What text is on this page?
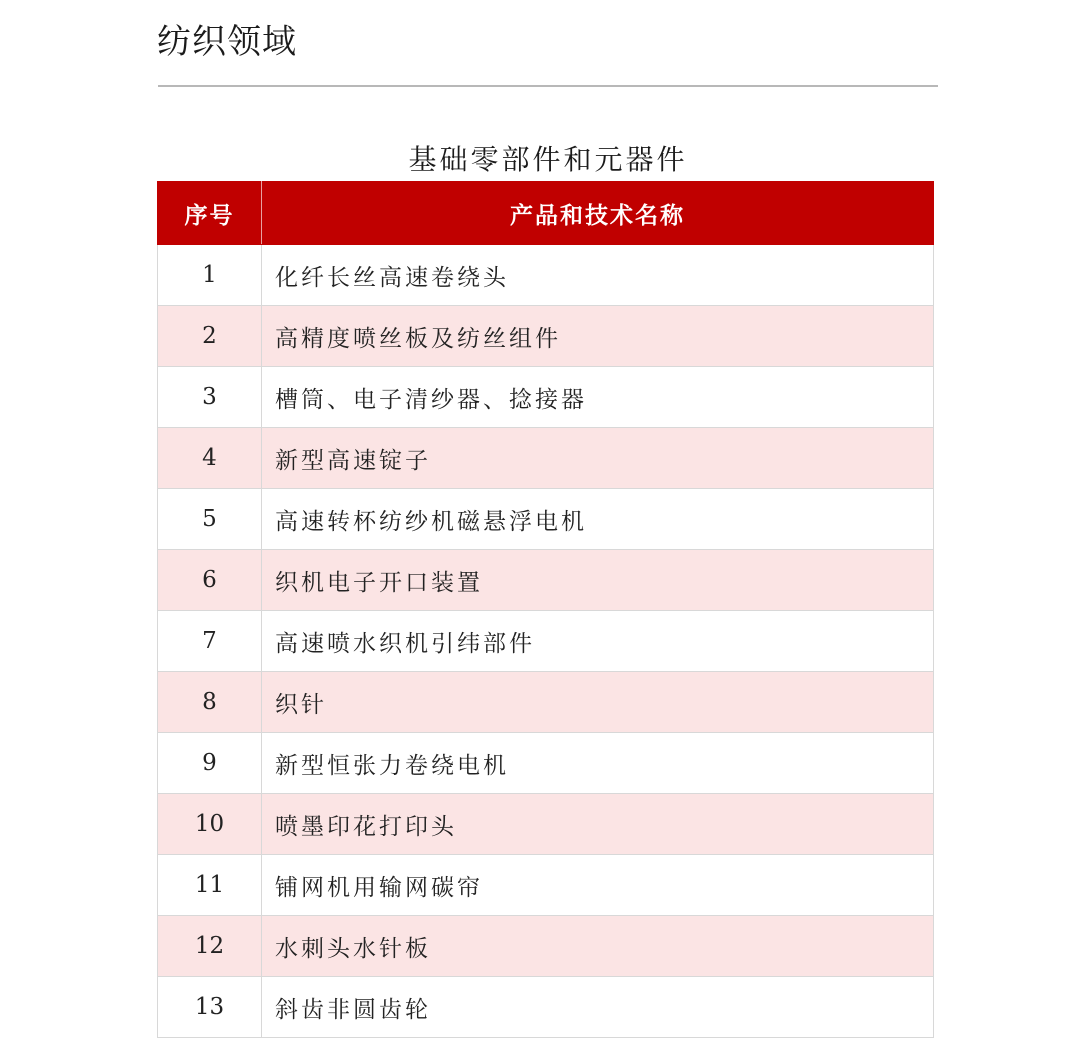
纺织领域
基础零部件和元器件
序号	产品和技术名称
1	化纤长丝高速卷绕头
2	高精度喷丝板及纺丝组件
3	槽筒、电子清纱器、捻接器
4	新型高速锭子
5	高速转杯纺纱机磁悬浮电机
6	织机电子开口装置
7	高速喷水织机引纬部件
8	织针
9	新型恒张力卷绕电机
10	喷墨印花打印头
11	铺网机用输网碳帘
12	水刺头水针板
13	斜齿非圆齿轮
